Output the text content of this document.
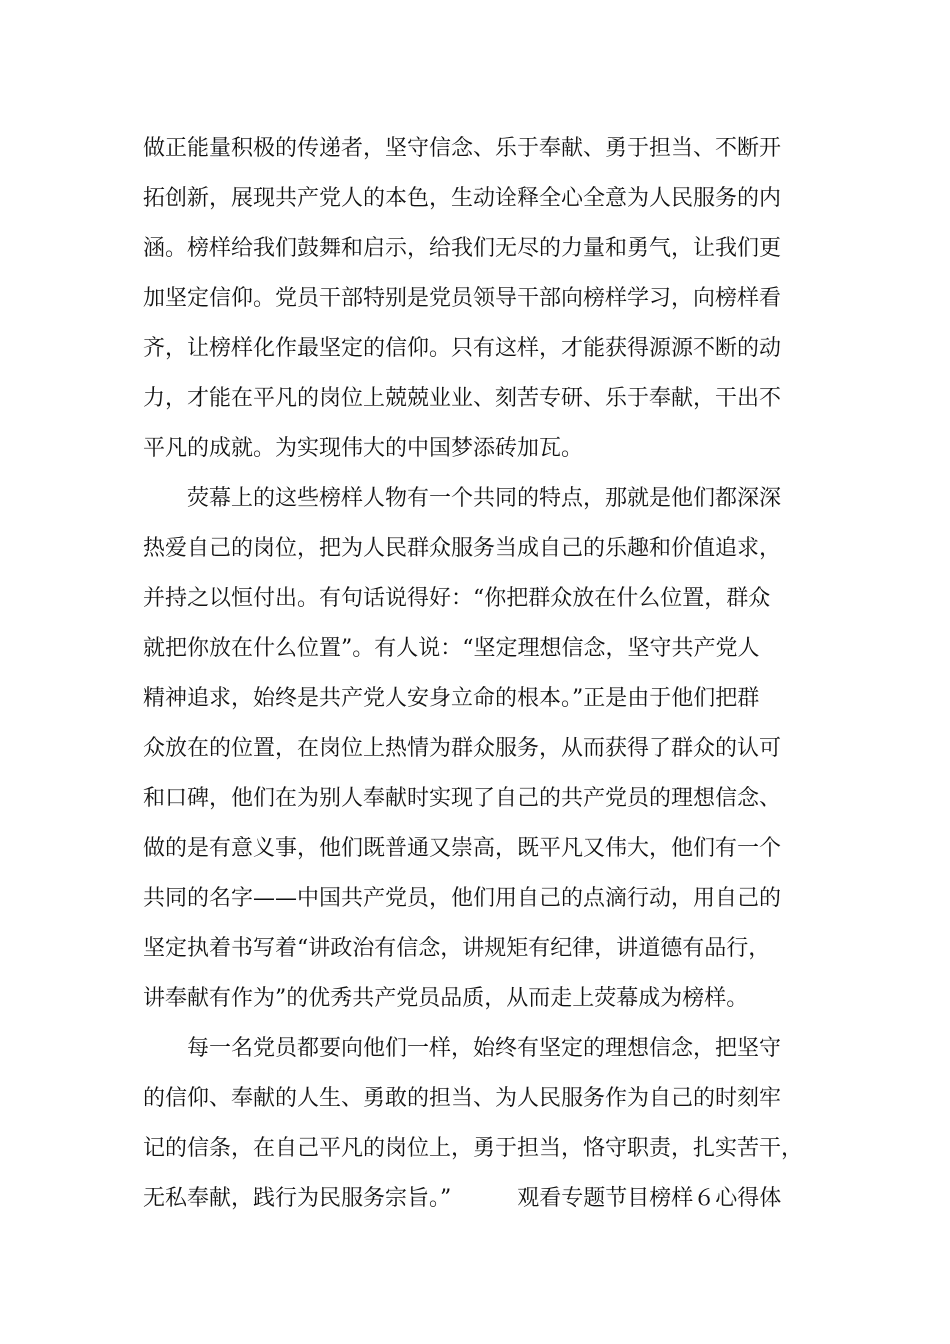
做正能量积极的传递者，坚守信念、乐于奉献、勇于担当、不断开
拓创新，展现共产党人的本色，生动诠释全心全意为人民服务的内
涵。榜样给我们鼓舞和启示，给我们无尽的力量和勇气，让我们更
加坚定信仰。党员干部特别是党员领导干部向榜样学习，向榜样看
齐，让榜样化作最坚定的信仰。只有这样，才能获得源源不断的动
力，才能在平凡的岗位上兢兢业业、刻苦专研、乐于奉献，干出不
平凡的成就。为实现伟大的中国梦添砖加瓦。
荧幕上的这些榜样人物有一个共同的特点，那就是他们都深深
热爱自己的岗位，把为人民群众服务当成自己的乐趣和价值追求，
并持之以恒付出。有句话说得好：“你把群众放在什么位置，群众
就把你放在什么位置”。有人说：“坚定理想信念，坚守共产党人
精神追求，始终是共产党人安身立命的根本。”正是由于他们把群
众放在的位置，在岗位上热情为群众服务，从而获得了群众的认可
和口碑，他们在为别人奉献时实现了自己的共产党员的理想信念、
做的是有意义事，他们既普通又崇高，既平凡又伟大，他们有一个
共同的名字——中国共产党员，他们用自己的点滴行动，用自己的
坚定执着书写着“讲政治有信念，讲规矩有纪律，讲道德有品行，
讲奉献有作为”的优秀共产党员品质，从而走上荧幕成为榜样。
每一名党员都要向他们一样，始终有坚定的理想信念，把坚守
的信仰、奉献的人生、勇敢的担当、为人民服务作为自己的时刻牢
记的信条，在自己平凡的岗位上，勇于担当，恪守职责，扎实苦干，
无私奉献，践行为民服务宗旨。”　　　观看专题节目榜样６心得体
